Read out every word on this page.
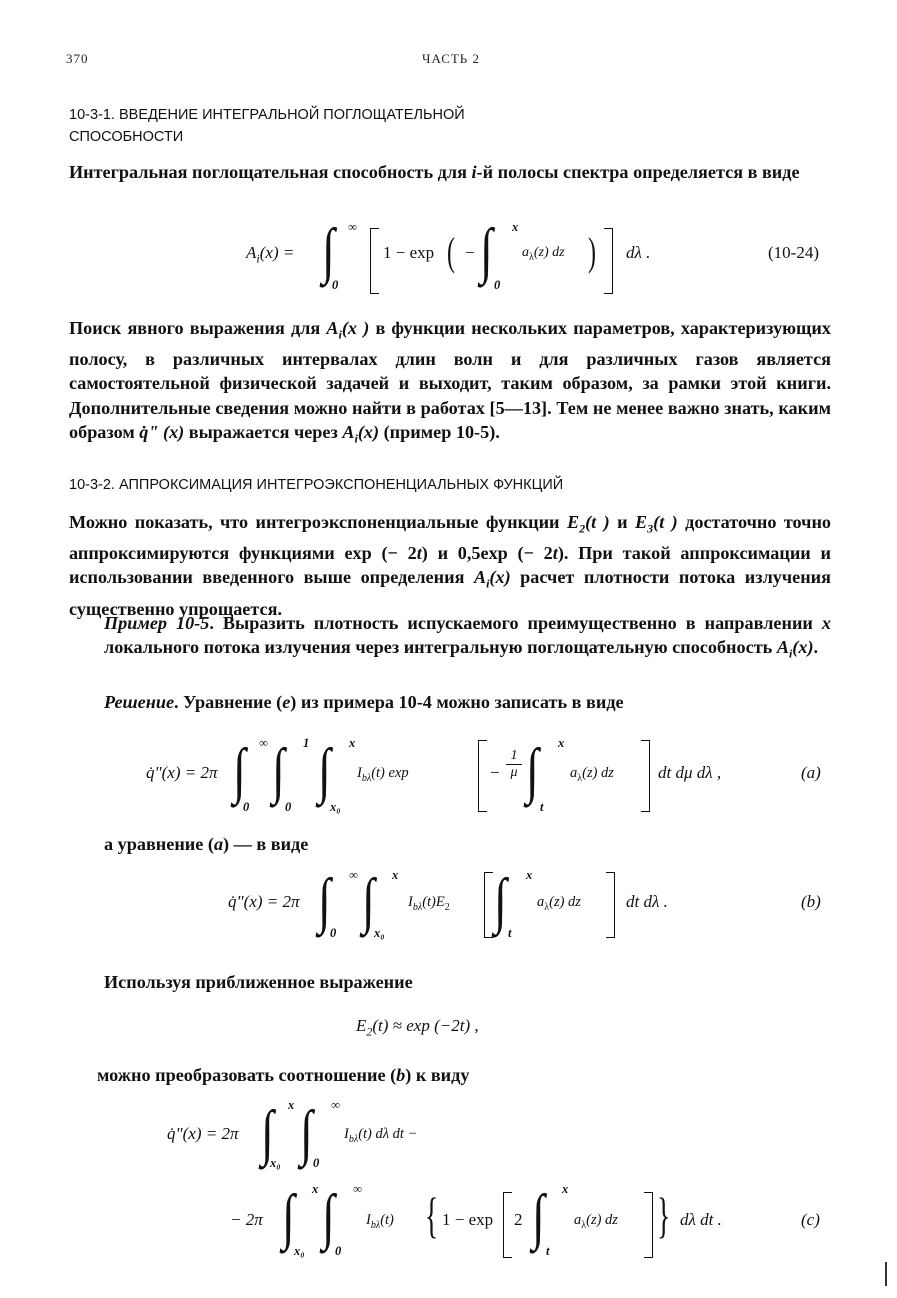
370	ЧАСТЬ 2
10-3-1. ВВЕДЕНИЕ ИНТЕГРАЛЬНОЙ ПОГЛОЩАТЕЛЬНОЙ
СПОСОБНОСТИ
Интегральная поглощательная способность для i-й полосы спектра определяется в виде
$A_i(x)$ = ∫ ∞
0
1 − exp ( − ∫ x
0
$a_\lambda(z)$ dz ) dλ .	(10-24)
Поиск явного выражения для $A_i(x$ ) в функции нескольких параметров, характеризующих полосу, в различных интервалах длин волн и для различных газов является самостоятельной физической задачей и выходит, таким образом, за рамки этой книги. Дополнительные сведения можно найти в работах [5—13]. Тем не менее важно знать, каким образом q̇" (x) выражается через $A_i(x)$ (пример 10-5).
10-3-2. АППРОКСИМАЦИЯ ИНТЕГРОЭКСПОНЕНЦИАЛЬНЫХ ФУНКЦИЙ
Можно показать, что интегроэкспоненциальные функции $E_2(t$ ) и $E_3(t$ ) достаточно точно аппроксимируются функциями exp (− 2t) и 0,5exp (− 2t). При такой аппроксимации и использовании введенного выше определения $A_i(x)$ расчет плотности потока излучения существенно упрощается.
Пример 10-5. Выразить плотность испускаемого преимущественно в направлении x локального потока излучения через интегральную поглощательную способность $A_i(x)$.
Решение. Уравнение (e) из примера 10-4 можно записать в виде
q̇"(x) = 2π ∫ ∞
0
∫ 1
0
∫ x
x₀
$I_{b\lambda}(t)$ exp	− $\frac{1}{\mu}$ ∫ x
t
$a_\lambda(z)$ dz	dt dμ dλ ,	(a)
а уравнение (a) — в виде
q̇"(x) = 2π ∫ ∞
0 ∫ x
x₀
$I_{b\lambda}(t)E_2$ ∫ x
t
$a_\lambda(z)$ dz	dt dλ .	(b)
Используя приближенное выражение
$E_2(t) \approx \exp (-2t)$ ,
можно преобразовать соотношение (b) к виду
q̇"(x) = 2π ∫ x
x₀ ∫ ∞
0
$I_{b\lambda}(t)$ dλ dt −
− 2π ∫ x
x₀ ∫ ∞
0
$I_{b\lambda}(t)$ { 1 − exp 2 ∫ x
t
$a_\lambda(z)$ dz } dλ dt .	(c)
